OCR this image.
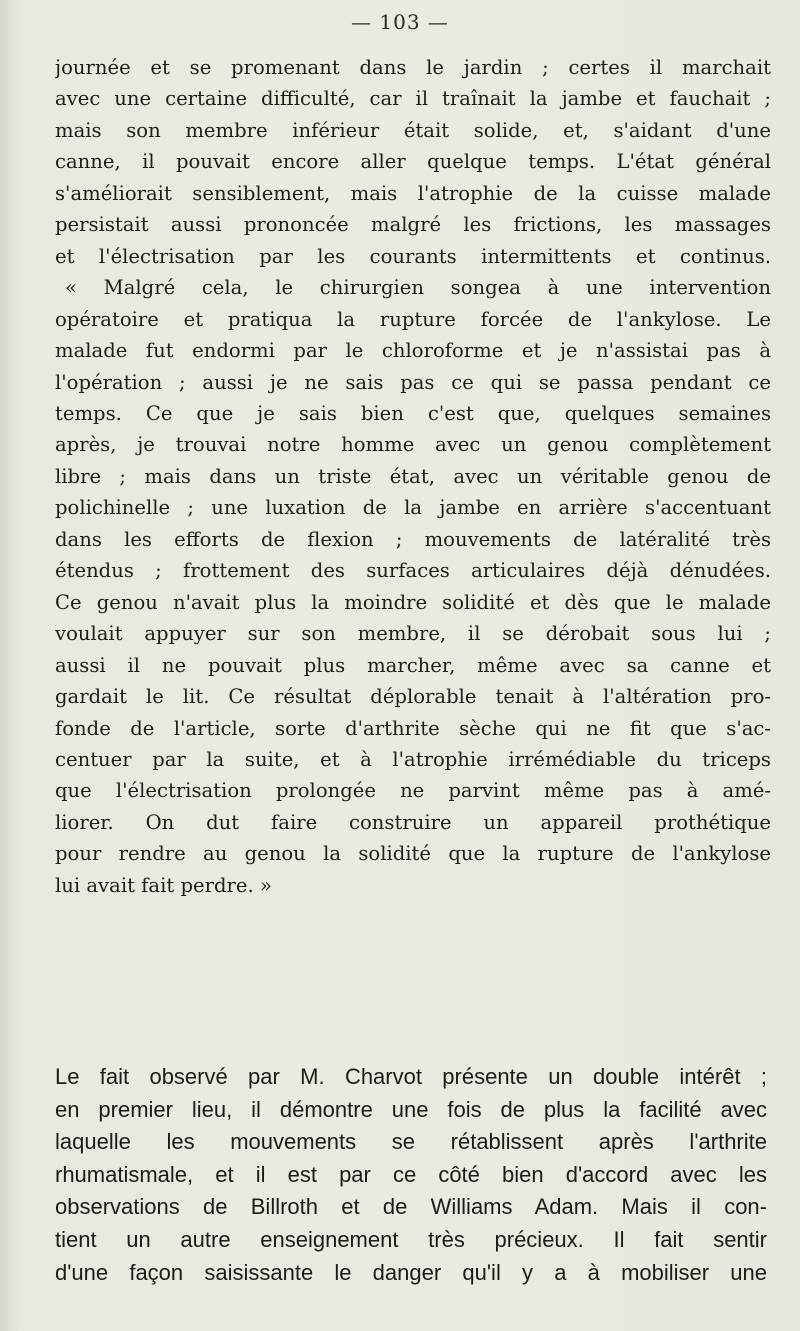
— 103 —
journée et se promenant dans le jardin ; certes il marchait
avec une certaine difficulté, car il traînait la jambe et fauchait ;
mais son membre inférieur était solide, et, s'aidant d'une
canne, il pouvait encore aller quelque temps. L'état général
s'améliorait sensiblement, mais l'atrophie de la cuisse malade
persistait aussi prononcée malgré les frictions, les massages
et l'électrisation par les courants intermittents et continus.
« Malgré cela, le chirurgien songea à une intervention
opératoire et pratiqua la rupture forcée de l'ankylose. Le
malade fut endormi par le chloroforme et je n'assistai pas à
l'opération ; aussi je ne sais pas ce qui se passa pendant ce
temps. Ce que je sais bien c'est que, quelques semaines
après, je trouvai notre homme avec un genou complètement
libre ; mais dans un triste état, avec un véritable genou de
polichinelle ; une luxation de la jambe en arrière s'accentuant
dans les efforts de flexion ; mouvements de latéralité très
étendus ; frottement des surfaces articulaires déjà dénudées.
Ce genou n'avait plus la moindre solidité et dès que le malade
voulait appuyer sur son membre, il se dérobait sous lui ;
aussi il ne pouvait plus marcher, même avec sa canne et
gardait le lit. Ce résultat déplorable tenait à l'altération pro-
fonde de l'article, sorte d'arthrite sèche qui ne fit que s'ac-
centuer par la suite, et à l'atrophie irrémédiable du triceps
que l'électrisation prolongée ne parvint même pas à amé-
liorer. On dut faire construire un appareil prothétique
pour rendre au genou la solidité que la rupture de l'ankylose
lui avait fait perdre. »
Le fait observé par M. Charvot présente un double intérêt ;
en premier lieu, il démontre une fois de plus la facilité avec
laquelle les mouvements se rétablissent après l'arthrite
rhumatismale, et il est par ce côté bien d'accord avec les
observations de Billroth et de Williams Adam. Mais il con-
tient un autre enseignement très précieux. Il fait sentir
d'une façon saisissante le danger qu'il y a à mobiliser une
